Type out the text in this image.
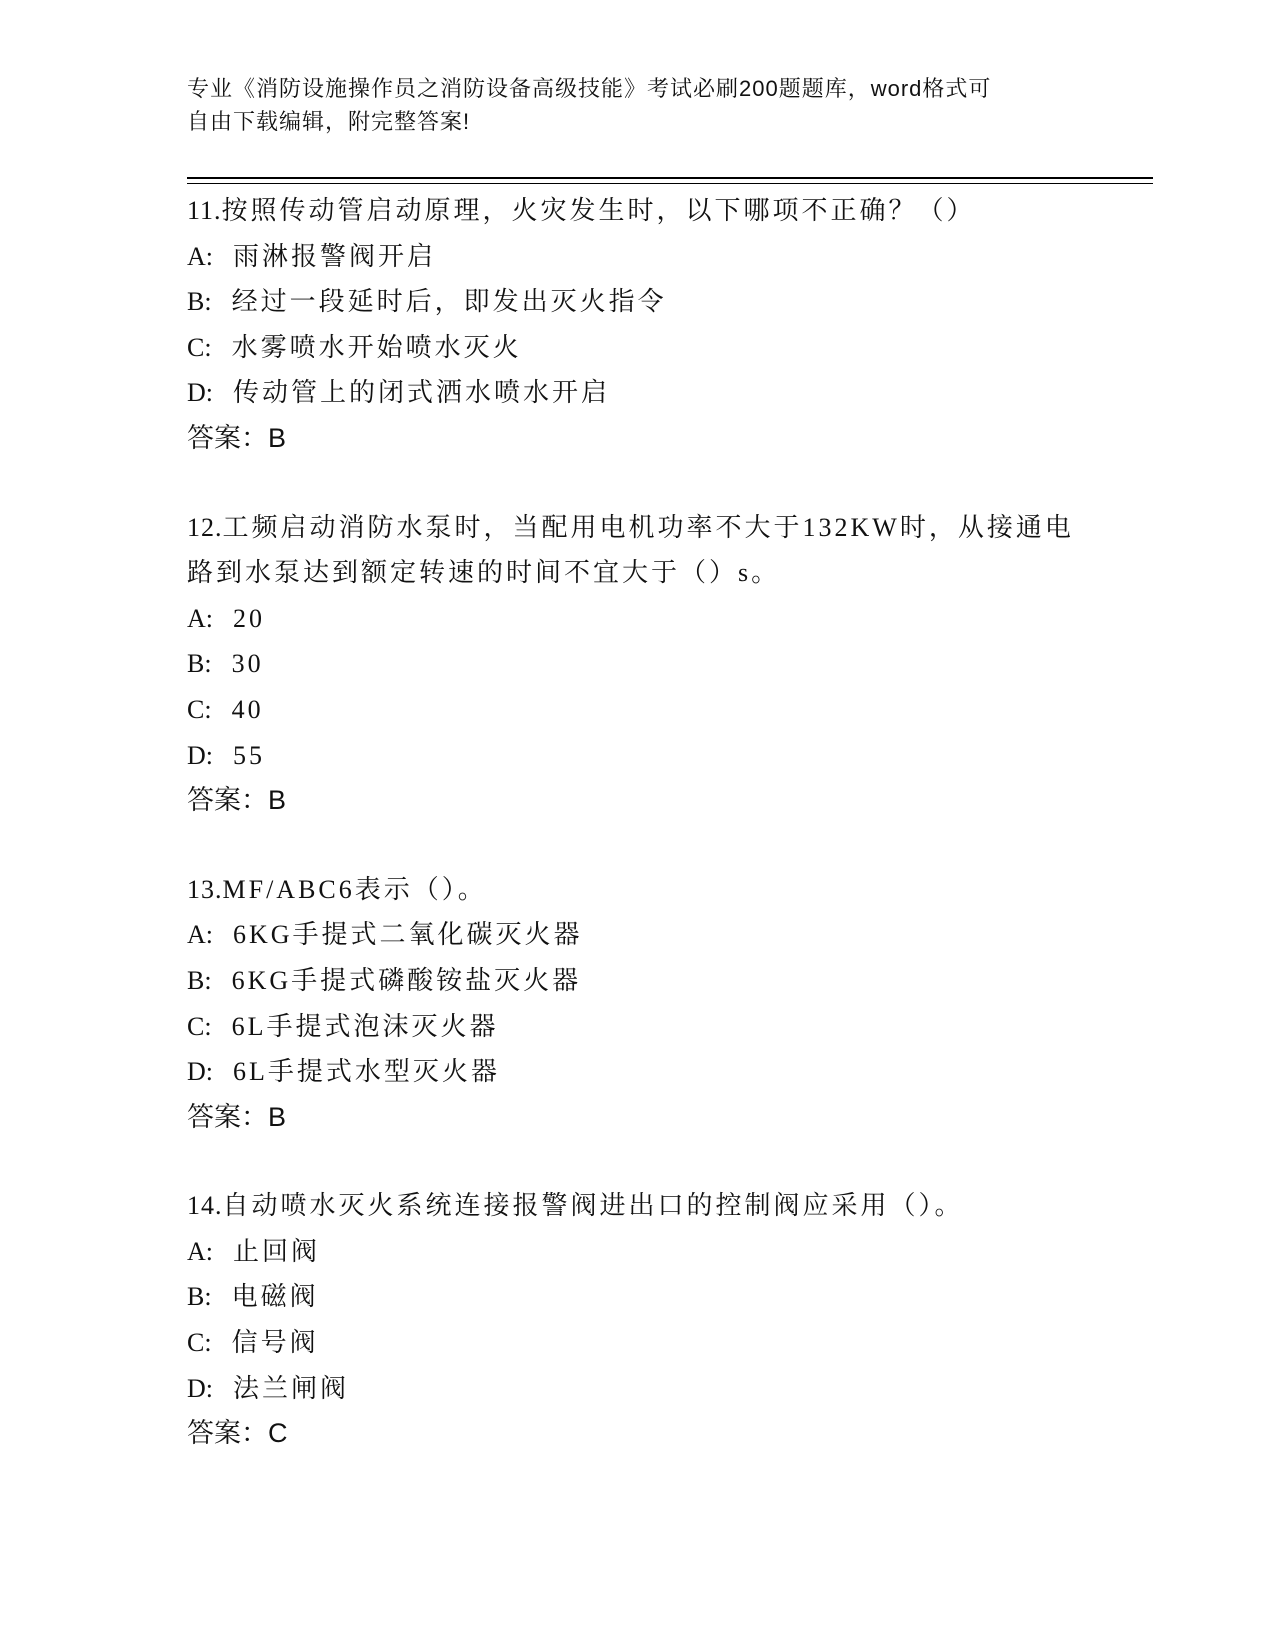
专业《消防设施操作员之消防设备高级技能》考试必刷200题题库，word格式可
自由下载编辑，附完整答案!

11.按照传动管启动原理，火灾发生时，以下哪项不正确？（）

A: 雨淋报警阀开启

B: 经过一段延时后，即发出灭火指令

C: 水雾喷水开始喷水灭火

D: 传动管上的闭式洒水喷水开启

答案：B

12.工频启动消防水泵时，当配用电机功率不大于132KW时，从接通电

路到水泵达到额定转速的时间不宜大于（）s。

A: 20

B: 30

C: 40

D: 55

答案：B

13.MF/ABC6表示（）。

A: 6KG手提式二氧化碳灭火器

B: 6KG手提式磷酸铵盐灭火器

C: 6L手提式泡沫灭火器

D: 6L手提式水型灭火器

答案：B

14.自动喷水灭火系统连接报警阀进出口的控制阀应采用（）。

A: 止回阀

B: 电磁阀

C: 信号阀

D: 法兰闸阀

答案：C
